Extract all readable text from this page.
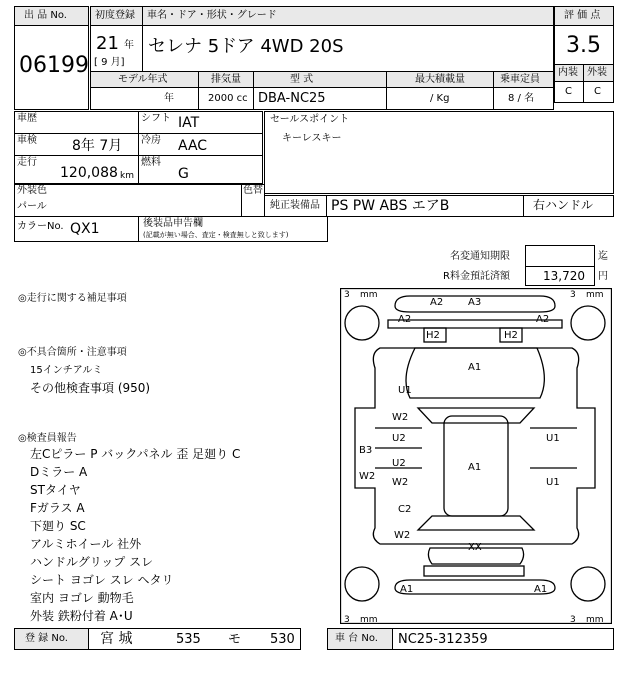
出 品 No.
06199
初度登録 車名・ドア・形状・グレード
21 年
[ 9 月]
セレナ 5ドア 4WD 20S
評 価 点
3.5
内装 外装
C C
モデル年式	排気量	型 式	最大積載量	乗車定員
年	2000 cc DBA-NC25	/ Kg	8 / 名
車歴	シフト IAT
車検	8年 7月 冷房 AAC
走行
120,088 km
燃料
G
セールスポイント
キーレスキー
外装色
パール
色替
純正装備品 PS PW ABS エアB	右ハンドル
カラーNo. QX1	後装品申告欄
(記載が無い場合、査定・検査無しと致します)
名変通知期限	迄
R料金預託済額	13,720 円
◎走行に関する補足事項
◎不具合箇所・注意事項
15インチアルミ
その他検査事項 (950)
◎検査員報告
左Cピラー P バックパネル 歪 足廻り C
Dミラー A
STタイヤ
Fガラス A
下廻り SC
アルミホイール 社外
ハンドルグリップ スレ
シート ヨゴレ スレ ヘタリ
室内 ヨゴレ 動物毛
外装 鉄粉付着 A･U
3 mm	3 mm
3 mm	3 mm
A2 A3
A2	A2
H2	H2
A1
U1
W2
U2	U1
B3
U2	A1
W2
W2	U1
C2
W2
XX
A1	A1
登 録 No. 宮 城	535 モ 530	車 台 No. NC25-312359
